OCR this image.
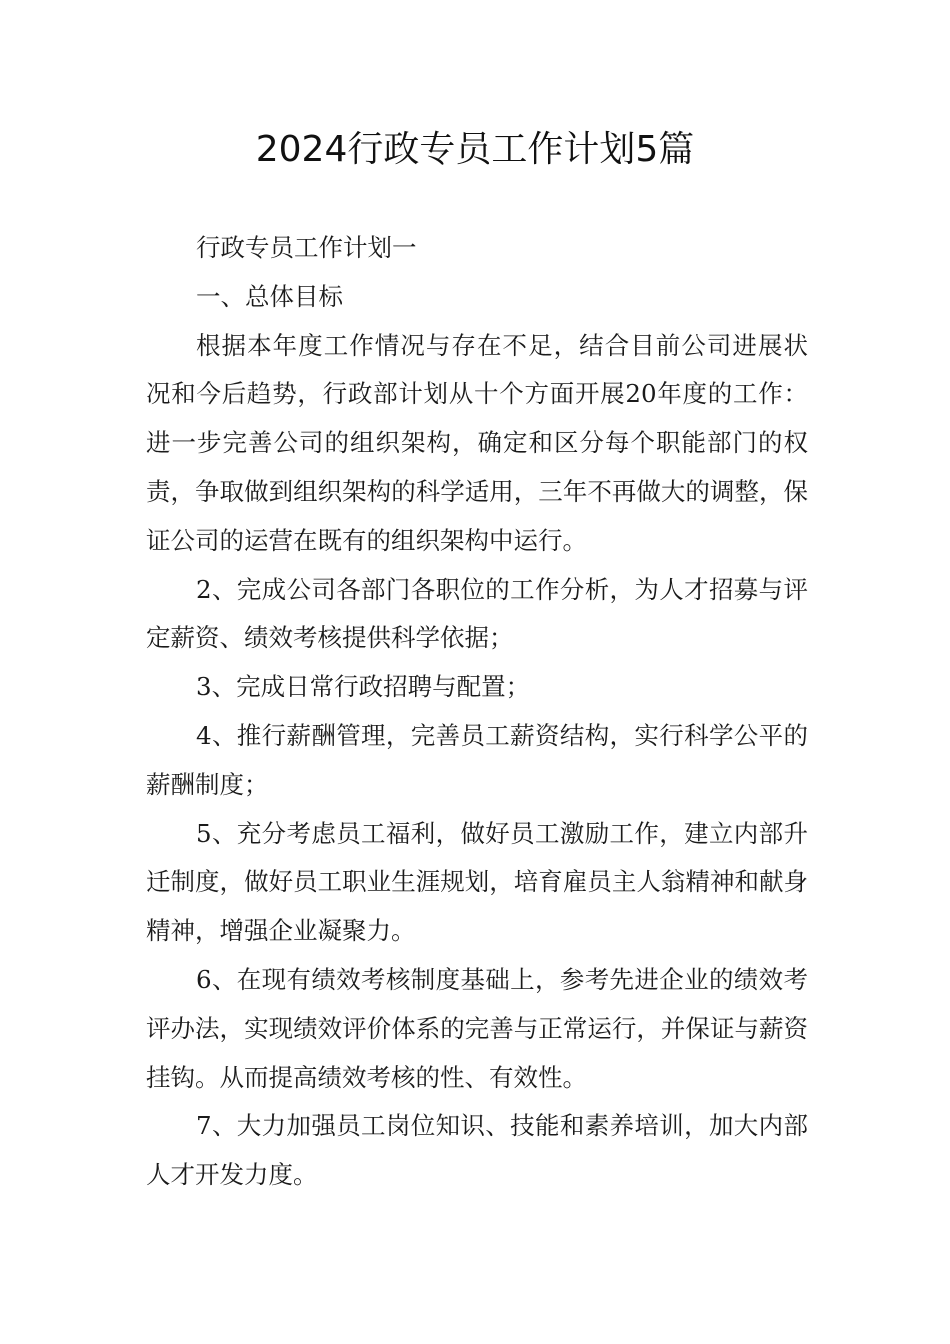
2024行政专员工作计划5篇

行政专员工作计划一

一、总体目标

根据本年度工作情况与存在不足，结合目前公司进展状况和今后趋势，行政部计划从十个方面开展20年度的工作：进一步完善公司的组织架构，确定和区分每个职能部门的权责，争取做到组织架构的科学适用，三年不再做大的调整，保证公司的运营在既有的组织架构中运行。

2、完成公司各部门各职位的工作分析，为人才招募与评定薪资、绩效考核提供科学依据；

3、完成日常行政招聘与配置；

4、推行薪酬管理，完善员工薪资结构，实行科学公平的薪酬制度；

5、充分考虑员工福利，做好员工激励工作，建立内部升迁制度，做好员工职业生涯规划，培育雇员主人翁精神和献身精神，增强企业凝聚力。

6、在现有绩效考核制度基础上，参考先进企业的绩效考评办法，实现绩效评价体系的完善与正常运行，并保证与薪资挂钩。从而提高绩效考核的性、有效性。

7、大力加强员工岗位知识、技能和素养培训，加大内部人才开发力度。
